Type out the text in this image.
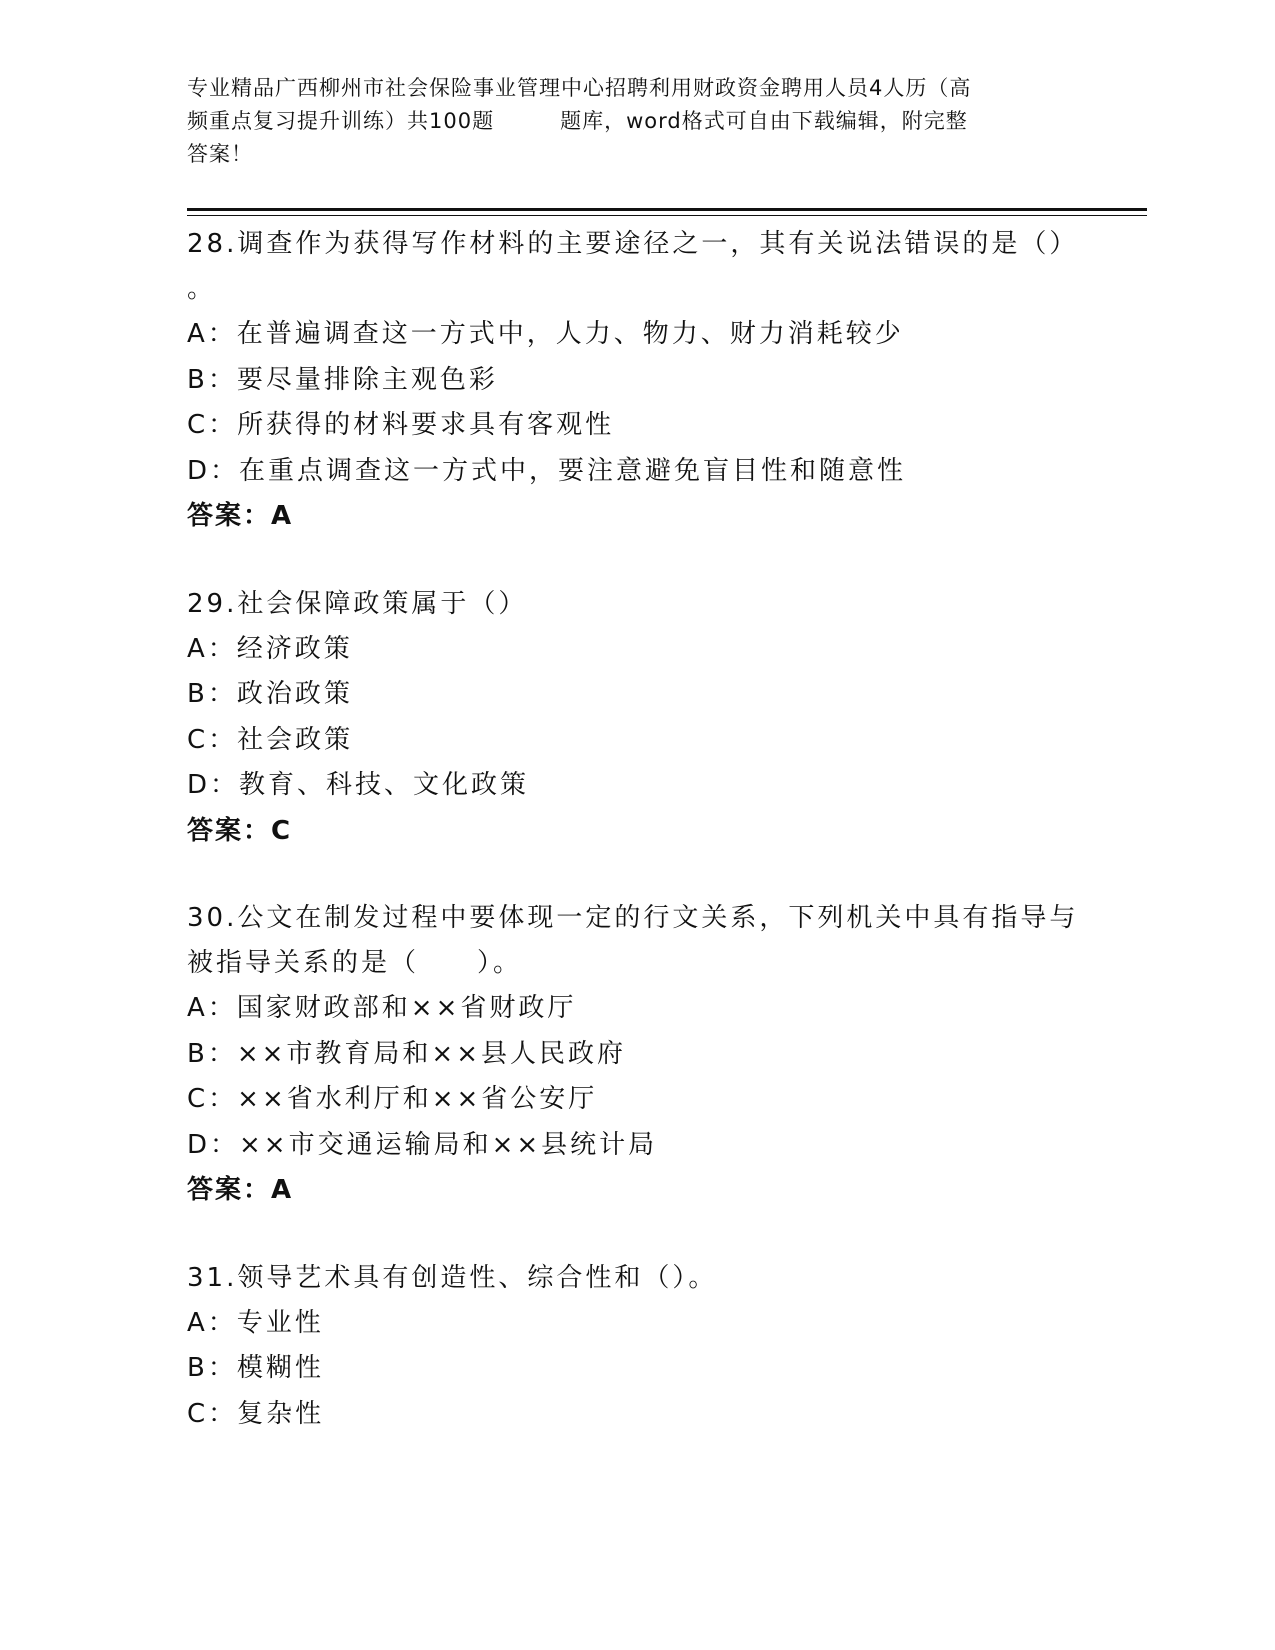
专业精品广西柳州市社会保险事业管理中心招聘利用财政资金聘用人员4人历（高
频重点复习提升训练）共100题　　　题库，word格式可自由下载编辑，附完整
答案！

28.调查作为获得写作材料的主要途径之一，其有关说法错误的是（）

。

A：在普遍调查这一方式中，人力、物力、财力消耗较少

B：要尽量排除主观色彩

C：所获得的材料要求具有客观性

D：在重点调查这一方式中，要注意避免盲目性和随意性

答案：A

29.社会保障政策属于（）

A：经济政策

B：政治政策

C：社会政策

D：教育、科技、文化政策

答案：C

30.公文在制发过程中要体现一定的行文关系，下列机关中具有指导与

被指导关系的是（　　）。

A：国家财政部和××省财政厅

B：××市教育局和××县人民政府

C：××省水利厅和××省公安厅

D：××市交通运输局和××县统计局

答案：A

31.领导艺术具有创造性、综合性和（）。

A：专业性

B：模糊性

C：复杂性
